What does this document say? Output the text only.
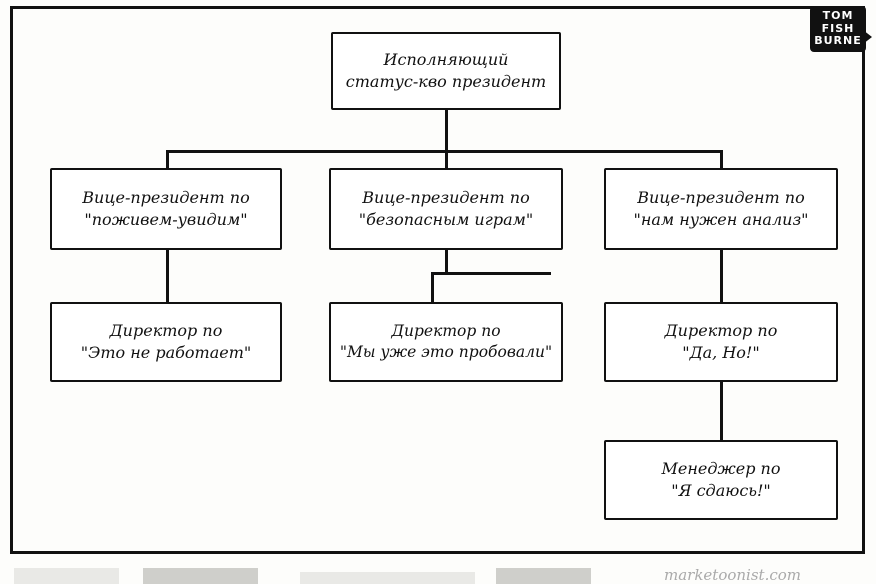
Исполняющий
статус-кво президент
Вице-президент по
"поживем-увидим"
Вице-президент по
"безопасным играм"
Вице-президент по
"нам нужен анализ"
Директор по
"Это не работает"
Директор по
"Мы уже это пробовали"
Директор по
"Да, Но!"
Менеджер по
"Я сдаюсь!"
TOM
FISH
BURNE
marketoonist.com
